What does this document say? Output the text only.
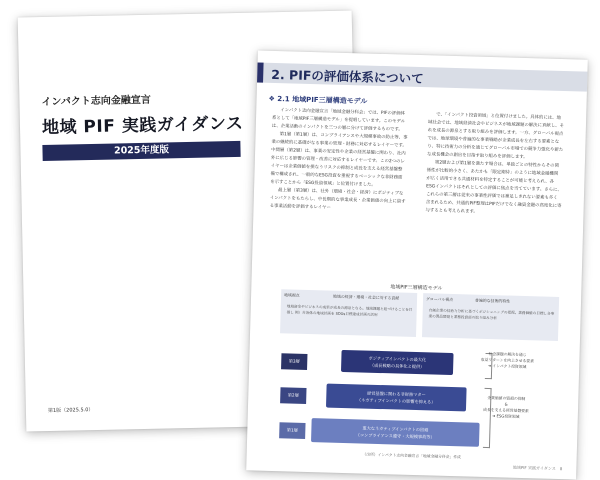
インパクト志向金融宣言
地域 PIF 実践ガイダンス
2025年度版
第1版（2025.5.0）
2. PIFの評価体系について
❖ 2.1 地域PIF三層構造モデル

インパクト志向金融宣言「地域金融分科会」では、PIFの評価体系として「地域PIF三層構造モデル」を提唱しています。このモデルは、企業活動のインパクトを三つの層に分けて評価するものです。

第1層（第1層）は、コンプライアンスや大規模事故の防止等、事業の継続的に基礎がなる事業の管理・財務に対応するレイヤーです。中間層（第2層）は、事業の安定性や企業の経営基盤に関わり、社内外に広じる影響の管理・改善に対応するレイヤーです。この2つのレイヤーは企業価値を損なうリスクの抑制と成長を支える経営基盤整備で構成され、一般的なESG投資を重視するベーシックな非財務面を示すことから「ESG投資領域」と位置付けました。

最上層（第3層）は、社外（環境・社会・経済）にポジティブなインパクトをもたらし、中長期的な事業成長・企業価値の向上に資する事業活動を評価するレイヤー

で、「インパクト投資領域」と位置付けました。具体的には、地域社会では、地域経済社会やビジネスが地域課題の解決に貢献し、それを成長の源泉とする取り組みを評価します。一方、グローバル視点では、地球環境や普遍的な事業戦略が企業成長を左右する要素となり、特に技術力の分析を通じてグローバル市場での競争力強化や新たな成長機会の創出を目指す取り組みを評価します。

第2層および第1層を満たす場合は、単独ごとの特性からその関係性が比較的小さく、あたかも「限定期待」のように地域金融機関が広く活用できる共通材料を特定することが可能と考えられ、各ESGインパクトはそれとしての評価に焦点を当てています。さらに、これらの第三層は従来の事業性評価では補足しきれない要素も多く含まれるため、共通的PIF整理はPIFだけでなく融資金融の高度化に寄与するとも考えられます。

地域PIF三層構造モデル
地域視点	地域の経済・環境・社会に対する貢献
地域資金やビジネスの成果が成長の源泉となる。地域課題と紐づけることを目指し 例）自治体の地域計画を SDGs目標達成計画の活用
グローバル視点	普遍的な技術的特性
自創企業の技術力分析に基づくポジショニングの把握。業務価値の目標し各事業の製品開発と業務投資部の取り組み分析
第3層	ポジティブインパクトの最大化
（成長戦略の具体化と提供）
第2層	経営基盤に関わる非財務マター
（ネガティブインパクトの影響を抑える）
第1層	重大なネガティブインパクトの回避
（コンプライアンス遵守・大規模事故等）
社会課題の解決を通じ
収益リターンを向上させる要素
➜ インパクト投資領域
企業価値の毀損の抑制
&
成長を支える経営基盤要素
➜ ESG投資領域
（出所）インパクト志向金融宣言「地域金融分科会」作成
地域PIF 実践ガイダンス　8
